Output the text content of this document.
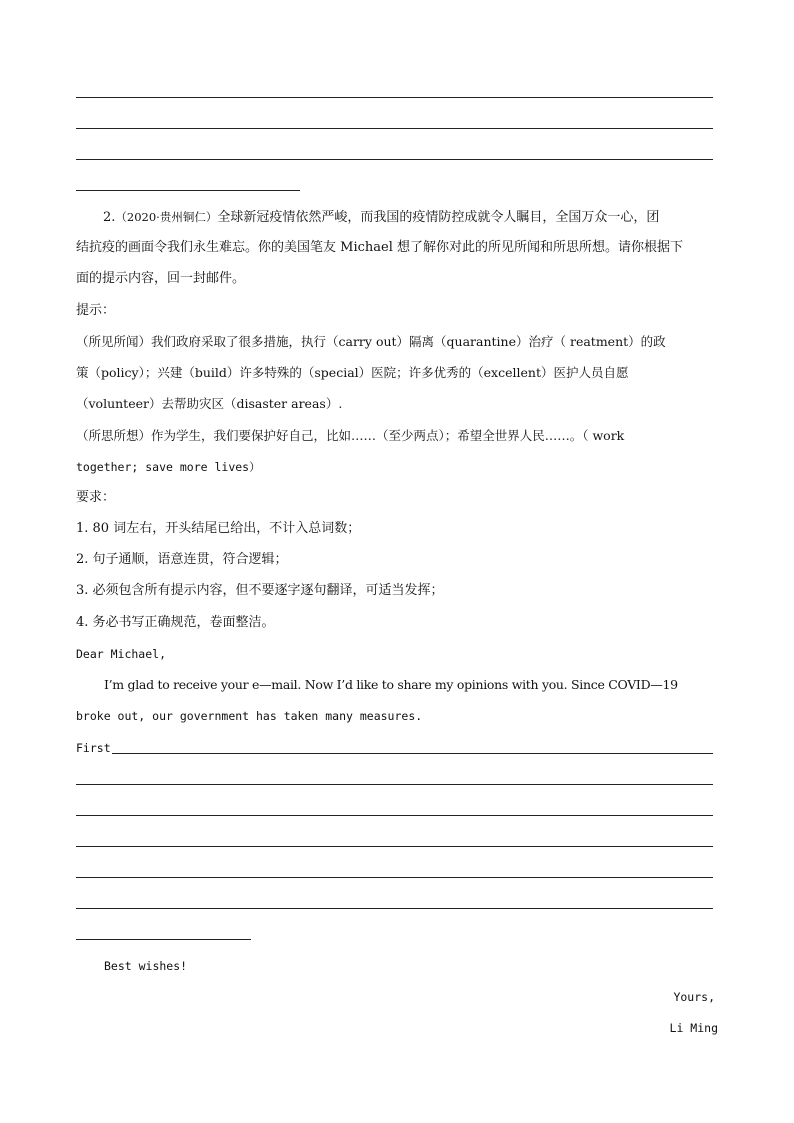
2.（2020·贵州铜仁）全球新冠疫情依然严峻，而我国的疫情防控成就令人瞩目，全国万众一心，团
结抗疫的画面令我们永生难忘。你的美国笔友 Michael 想了解你对此的所见所闻和所思所想。请你根据下
面的提示内容，回一封邮件。
提示：
（所见所闻）我们政府采取了很多措施，执行（carry out）隔离（quarantine）治疗（ reatment）的政
策（policy）；兴建（build）许多特殊的（special）医院；许多优秀的（excellent）医护人员自愿
（volunteer）去帮助灾区（disaster areas）.
（所思所想）作为学生，我们要保护好自己，比如……（至少两点）；希望全世界人民……。（ work
together; save more lives）
要求：
1. 80 词左右，开头结尾已给出，不计入总词数；
2. 句子通顺，语意连贯，符合逻辑；
3. 必须包含所有提示内容，但不要逐字逐句翻译，可适当发挥；
4. 务必书写正确规范，卷面整洁。
Dear Michael,
I’m glad to receive your e—mail. Now I’d like to share my opinions with you. Since COVID—19
broke out, our government has taken many measures.
First
Best wishes!
Yours,
Li Ming
